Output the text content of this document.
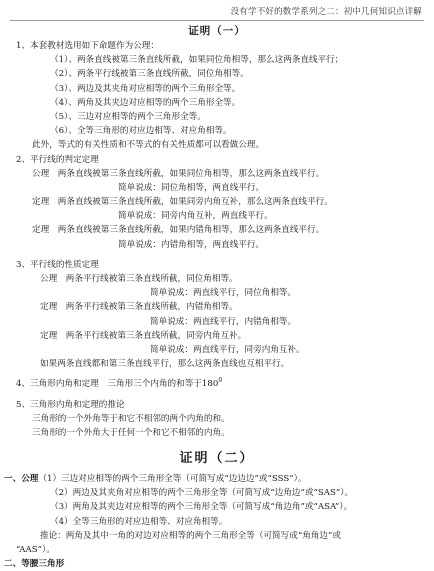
没有学不好的数学系列之二：初中几何知识点详解
证明（一）
1、本套教材选用如下命题作为公理：
（1）、两条直线被第三条直线所截，如果同位角相等，那么这两条直线平行；
（2）、两条平行线被第三条直线所截，同位角相等。
（3）、两边及其夹角对应相等的两个三角形全等。
（4）、两角及其夹边对应相等的两个三角形全等。
（5）、三边对应相等的两个三角形全等。
（6）、全等三角形的对应边相等、对应角相等。
此外，等式的有关性质和不等式的有关性质都可以看做公理。
2、平行线的判定定理
公理　两条直线被第三条直线所截，如果同位角相等，那么这两条直线平行。
简单说成：同位角相等，两直线平行。
定理　两条直线被第三条直线所截，如果同旁内角互补，那么这两条直线平行。
简单说成：同旁内角互补，两直线平行。
定理　两条直线被第三条直线所截，如果内错角相等，那么这两条直线平行。
简单说成：内错角相等，两直线平行。
3、平行线的性质定理
公理　两条平行线被第三条直线所截，同位角相等。
简单说成：两直线平行，同位角相等。
定理　两条平行线被第三条直线所截，内错角相等。
简单说成：两直线平行，内错角相等。
定理　两条平行线被第三条直线所截，同旁内角互补。
简单说成：两直线平行，同旁内角互补。
如果两条直线都和第三条直线平行，那么这两条直线也互相平行。
4、三角形内角和定理　三角形三个内角的和等于$180^0$
5、三角形内角和定理的推论
三角形的一个外角等于和它不相邻的两个内角的和。
三角形的一个外角大于任何一个和它不相邻的内角。
证明（二）
一、公理（1）三边对应相等的两个三角形全等（可简写成“边边边”或“SSS”）。
（2）两边及其夹角对应相等的两个三角形全等（可简写成“边角边”或“SAS”）。
（3）两角及其夹边对应相等的两个三角形全等（可简写成“角边角”或“ASA”）。
（4）全等三角形的对应边相等、对应角相等。
推论：两角及其中一角的对边对应相等的两个三角形全等（可简写成“角角边”或
“AAS”）。
二、等腰三角形
